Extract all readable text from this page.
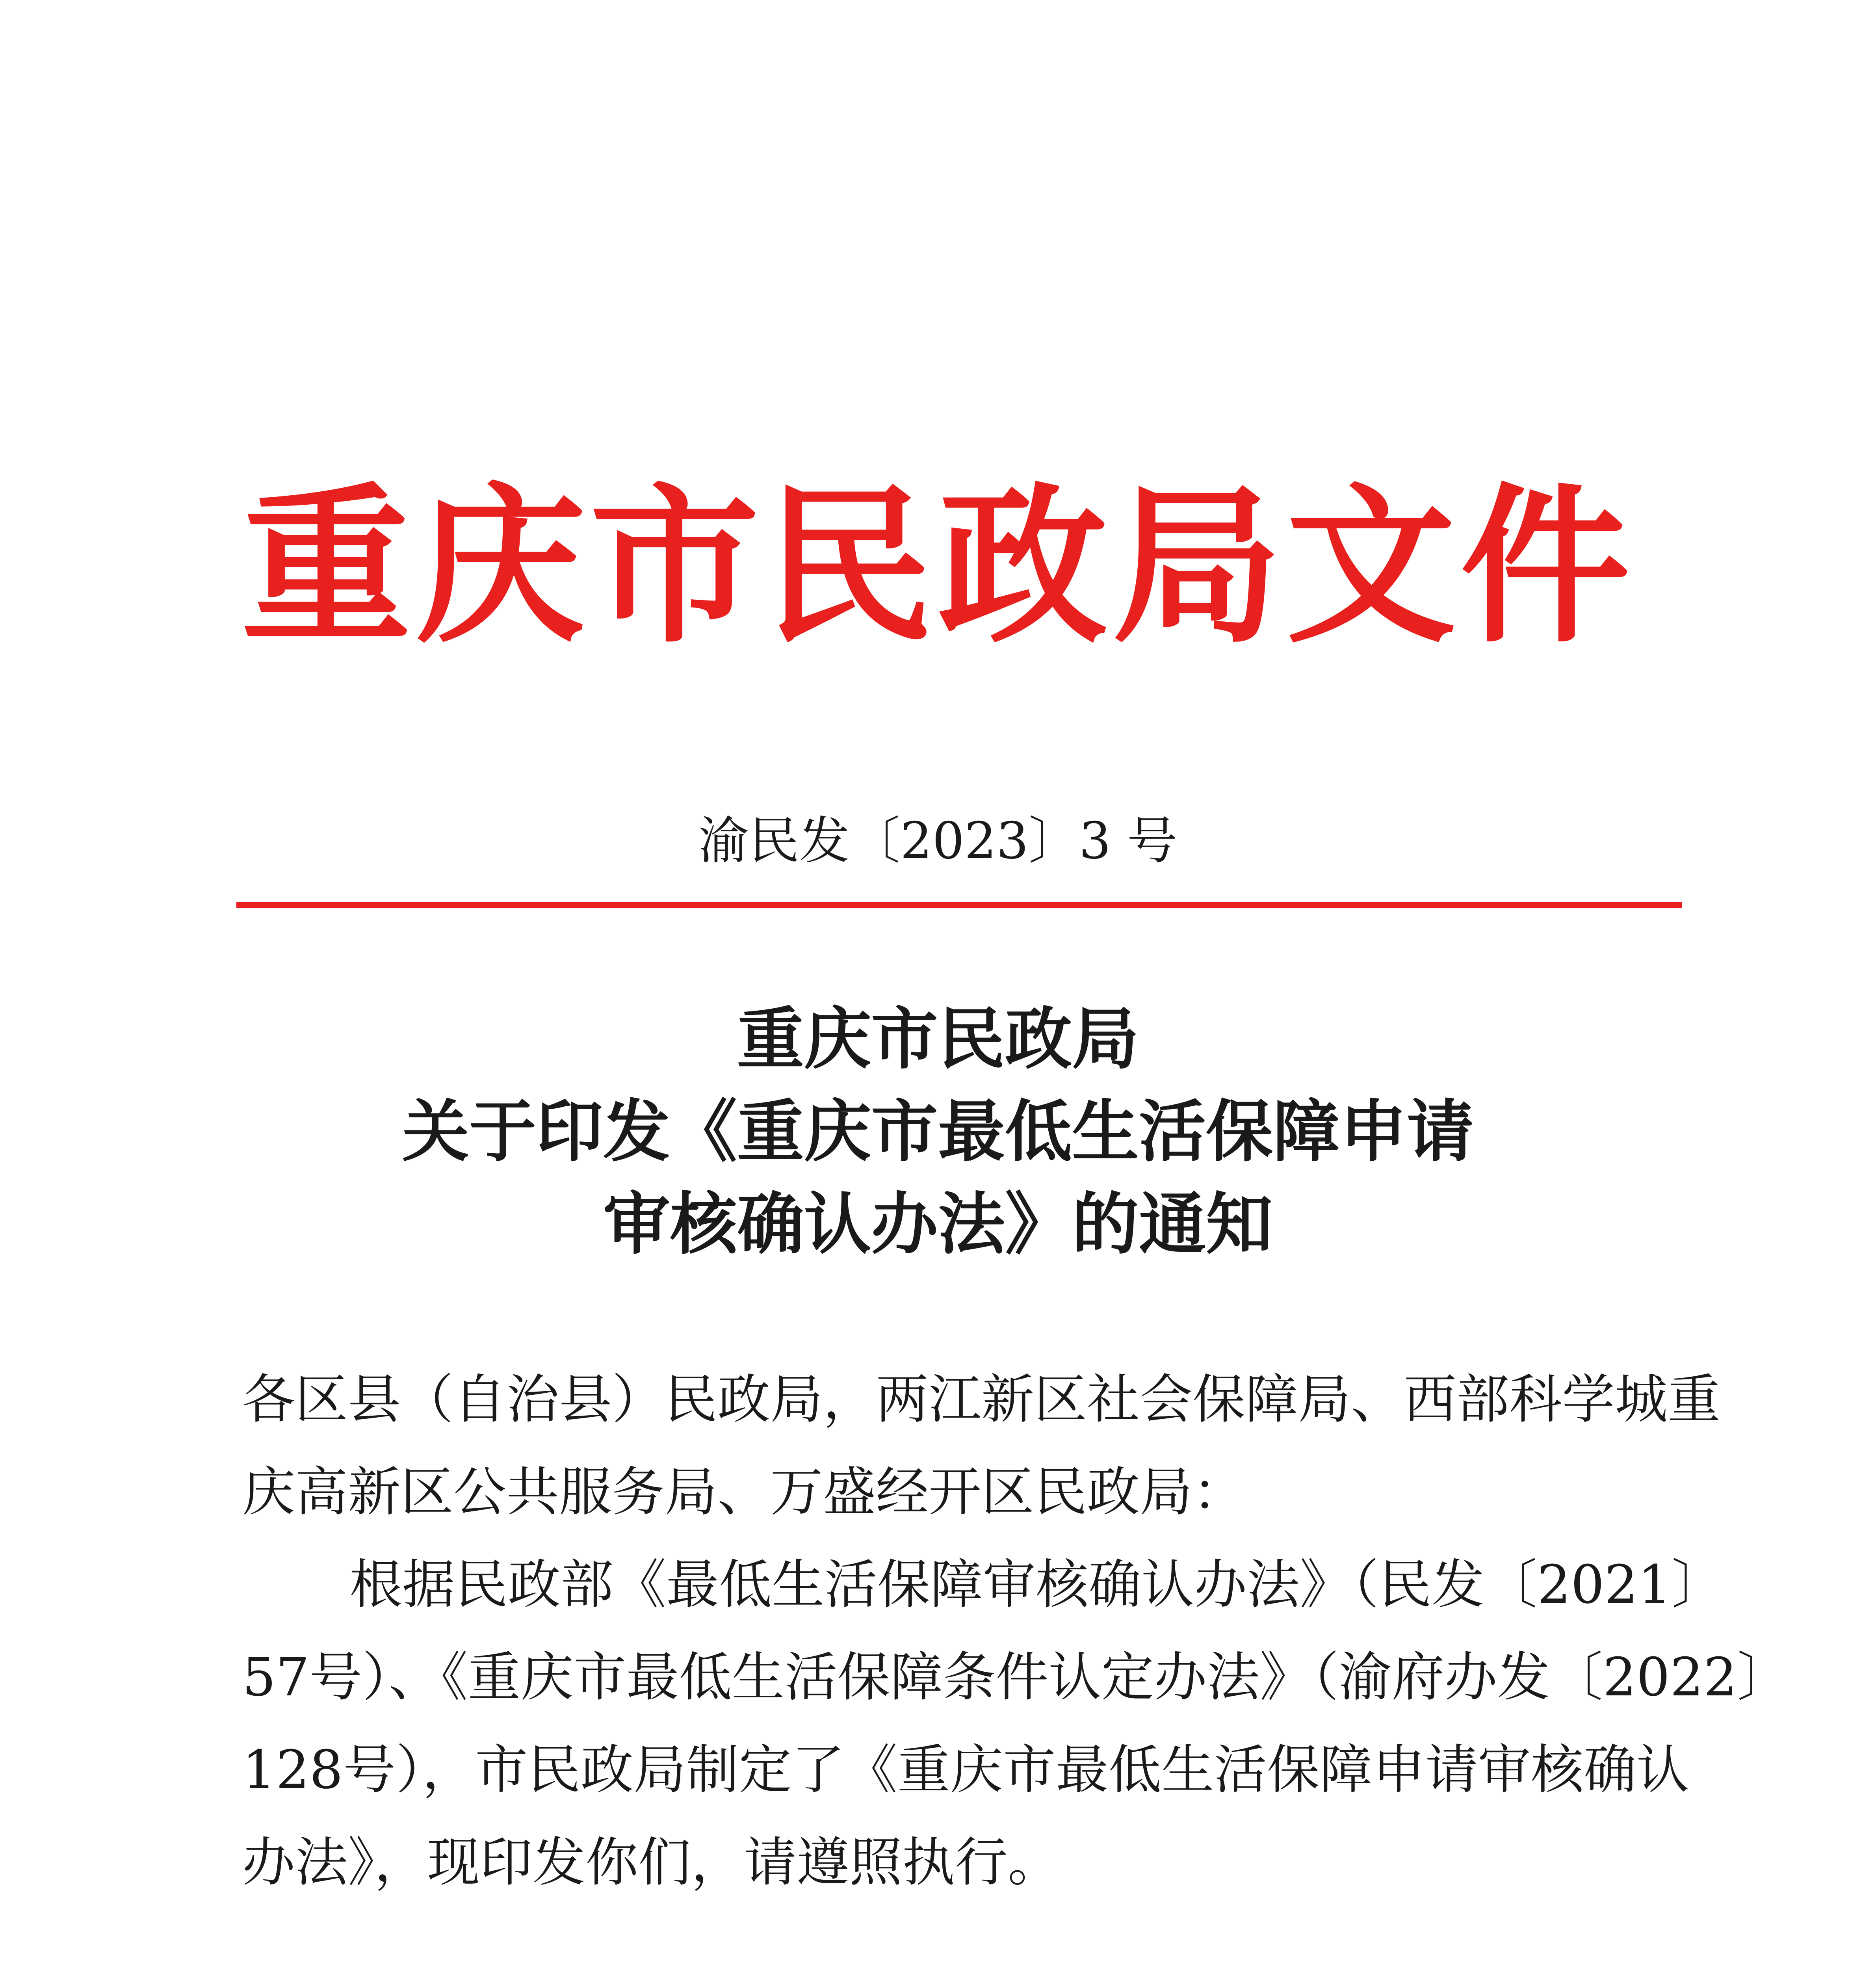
重庆市民政局文件
渝民发〔2023〕3 号
重庆市民政局
关于印发《重庆市最低生活保障申请
审核确认办法》的通知
各区县（自治县）民政局，两江新区社会保障局、西部科学城重
庆高新区公共服务局、万盛经开区民政局：
根据民政部《最低生活保障审核确认办法》（民发〔2021〕
57号）、《重庆市最低生活保障条件认定办法》（渝府办发〔2022〕
128号），市民政局制定了《重庆市最低生活保障申请审核确认
办法》，现印发你们，请遵照执行。
